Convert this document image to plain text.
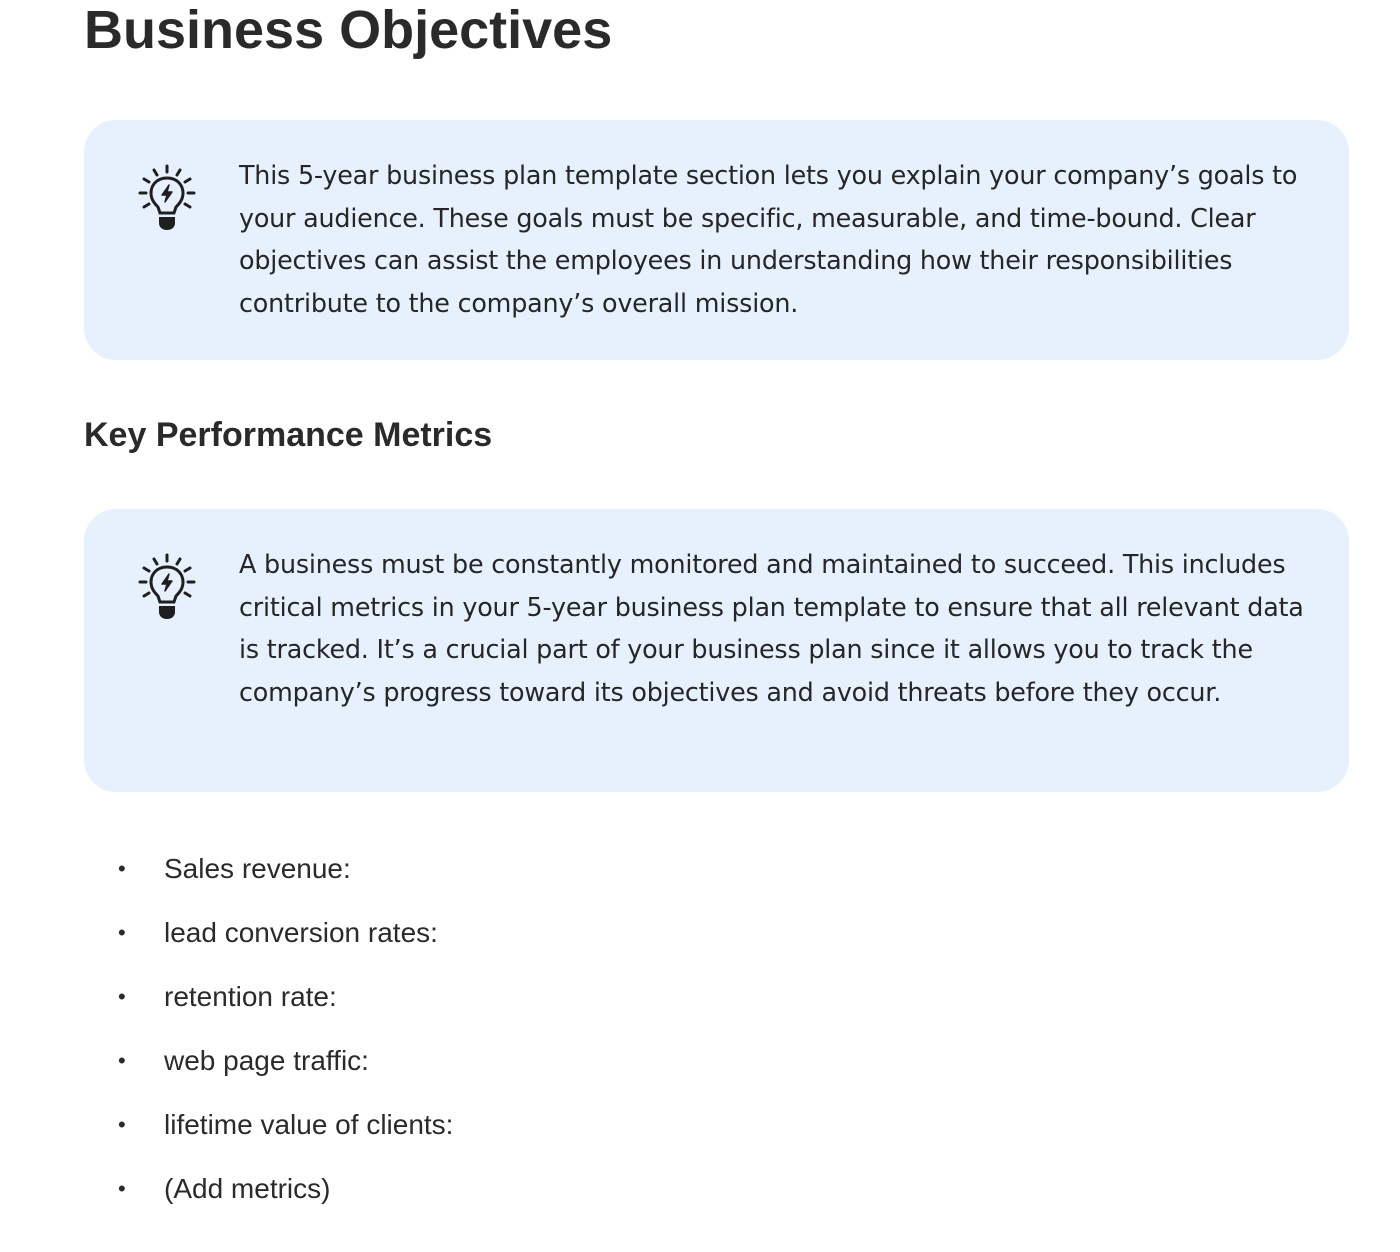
Business Objectives

This 5-year business plan template section lets you explain your company’s goals to your audience. These goals must be specific, measurable, and time-bound. Clear objectives can assist the employees in understanding how their responsibilities contribute to the company’s overall mission.

Key Performance Metrics

A business must be constantly monitored and maintained to succeed. This includes critical metrics in your 5-year business plan template to ensure that all relevant data is tracked. It’s a crucial part of your business plan since it allows you to track the company’s progress toward its objectives and avoid threats before they occur.

• Sales revenue:
• lead conversion rates:
• retention rate:
• web page traffic:
• lifetime value of clients:
• (Add metrics)
